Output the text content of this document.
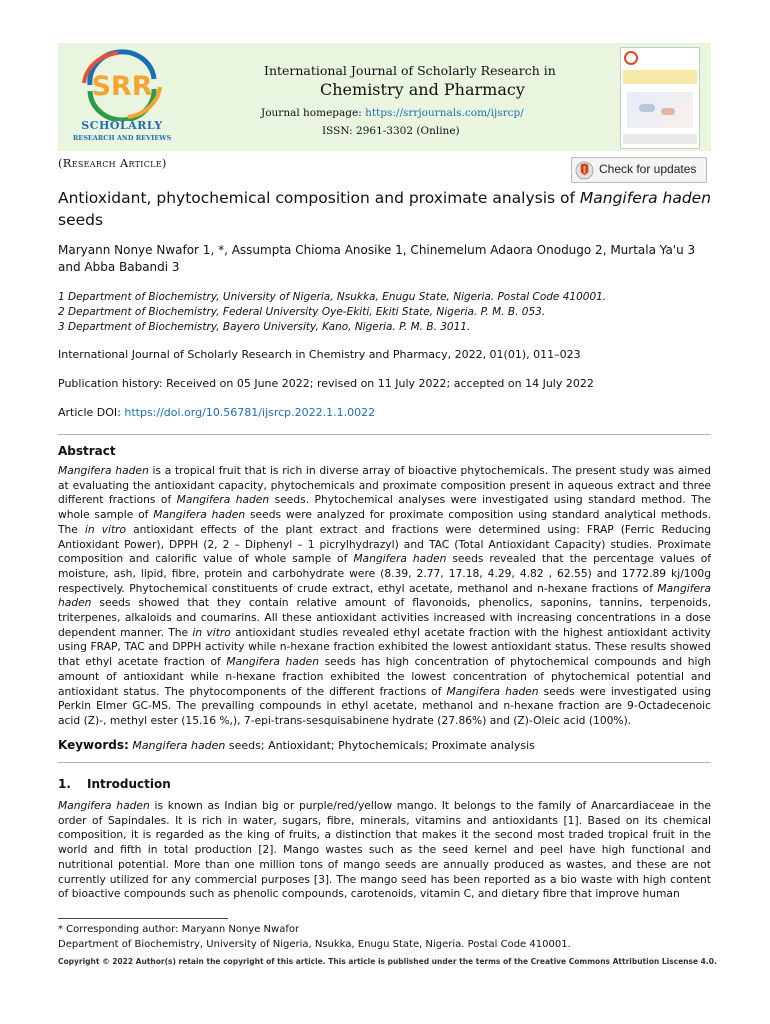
SRR
SCHOLARLY
RESEARCH AND REVIEWS
International Journal of Scholarly Research in
Chemistry and Pharmacy
Journal homepage: https://srrjournals.com/ijsrcp/
ISSN: 2961-3302 (Online)
(Research Article)	Check for updates
Antioxidant, phytochemical composition and proximate analysis of Mangifera haden seeds
Maryann Nonye Nwafor 1, *, Assumpta Chioma Anosike 1, Chinemelum Adaora Onodugo 2, Murtala Ya'u 3 and Abba Babandi 3
1 Department of Biochemistry, University of Nigeria, Nsukka, Enugu State, Nigeria. Postal Code 410001.
2 Department of Biochemistry, Federal University Oye-Ekiti, Ekiti State, Nigeria. P. M. B. 053.
3 Department of Biochemistry, Bayero University, Kano, Nigeria. P. M. B. 3011.
International Journal of Scholarly Research in Chemistry and Pharmacy, 2022, 01(01), 011–023
Publication history: Received on 05 June 2022; revised on 11 July 2022; accepted on 14 July 2022
Article DOI: https://doi.org/10.56781/ijsrcp.2022.1.1.0022
Abstract
Mangifera haden is a tropical fruit that is rich in diverse array of bioactive phytochemicals. The present study was aimed at evaluating the antioxidant capacity, phytochemicals and proximate composition present in aqueous extract and three different fractions of Mangifera haden seeds. Phytochemical analyses were investigated using standard method. The whole sample of Mangifera haden seeds were analyzed for proximate composition using standard analytical methods. The in vitro antioxidant effects of the plant extract and fractions were determined using: FRAP (Ferric Reducing Antioxidant Power), DPPH (2, 2 – Diphenyl – 1 picrylhydrazyl) and TAC (Total Antioxidant Capacity) studies. Proximate composition and calorific value of whole sample of Mangifera haden seeds revealed that the percentage values of moisture, ash, lipid, fibre, protein and carbohydrate were (8.39, 2.77, 17.18, 4.29, 4.82 , 62.55) and 1772.89 kj/100g respectively. Phytochemical constituents of crude extract, ethyl acetate, methanol and n-hexane fractions of Mangifera haden seeds showed that they contain relative amount of flavonoids, phenolics, saponins, tannins, terpenoids, triterpenes, alkaloids and coumarins. All these antioxidant activities increased with increasing concentrations in a dose dependent manner. The in vitro antioxidant studies revealed ethyl acetate fraction with the highest antioxidant activity using FRAP, TAC and DPPH activity while n-hexane fraction exhibited the lowest antioxidant status. These results showed that ethyl acetate fraction of Mangifera haden seeds has high concentration of phytochemical compounds and high amount of antioxidant while n-hexane fraction exhibited the lowest concentration of phytochemical potential and antioxidant status. The phytocomponents of the different fractions of Mangifera haden seeds were investigated using Perkin Elmer GC-MS. The prevailing compounds in ethyl acetate, methanol and n-hexane fraction are 9-Octadecenoic acid (Z)-, methyl ester (15.16 %,), 7-epi-trans-sesquisabinene hydrate (27.86%) and (Z)-Oleic acid (100%).
Keywords: Mangifera haden seeds; Antioxidant; Phytochemicals; Proximate analysis
1. Introduction
Mangifera haden is known as Indian big or purple/red/yellow mango. It belongs to the family of Anarcardiaceae in the order of Sapindales. It is rich in water, sugars, fibre, minerals, vitamins and antioxidants [1]. Based on its chemical composition, it is regarded as the king of fruits, a distinction that makes it the second most traded tropical fruit in the world and fifth in total production [2]. Mango wastes such as the seed kernel and peel have high functional and nutritional potential. More than one million tons of mango seeds are annually produced as wastes, and these are not currently utilized for any commercial purposes [3]. The mango seed has been reported as a bio waste with high content of bioactive compounds such as phenolic compounds, carotenoids, vitamin C, and dietary fibre that improve human
* Corresponding author: Maryann Nonye Nwafor
Department of Biochemistry, University of Nigeria, Nsukka, Enugu State, Nigeria. Postal Code 410001.
Copyright © 2022 Author(s) retain the copyright of this article. This article is published under the terms of the Creative Commons Attribution Liscense 4.0.
